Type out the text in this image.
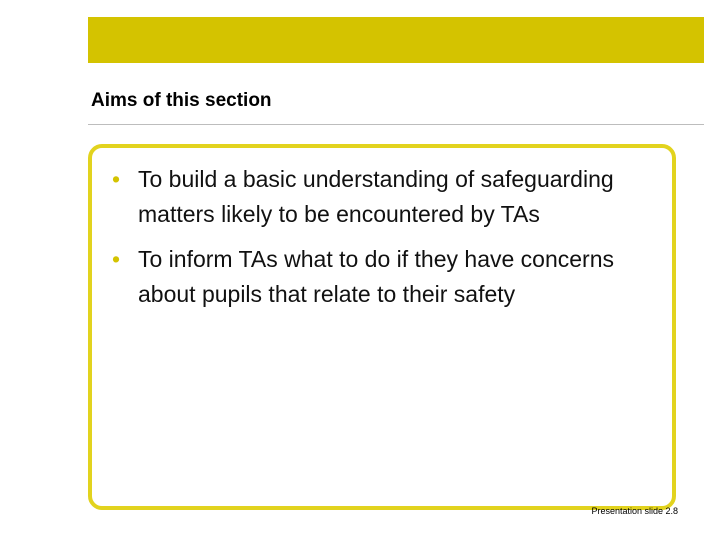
Aims of this section
• To build a basic understanding of safeguarding matters likely to be encountered by TAs
• To inform TAs what to do if they have concerns about pupils that relate to their safety
Presentation slide 2.8
